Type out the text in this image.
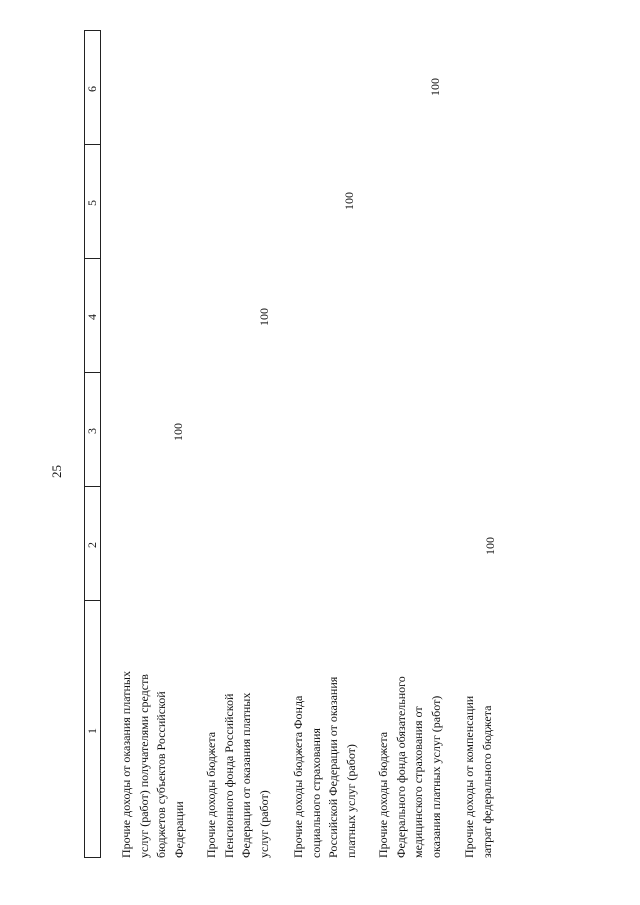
25
1
2
3
4
5
6
Прочие доходы от оказания платных услуг (работ) получателями средств бюджетов субъектов Российской Федерации
100
Прочие доходы бюджета Пенсионного фонда Российской Федерации от оказания платных услуг (работ)
100
Прочие доходы бюджета Фонда социального страхования Российской Федерации от оказания платных услуг (работ)
100
Прочие доходы бюджета Федерального фонда обязательного медицинского страхования от оказания платных услуг (работ)
100
Прочие доходы от компенсации затрат федерального бюджета
100
